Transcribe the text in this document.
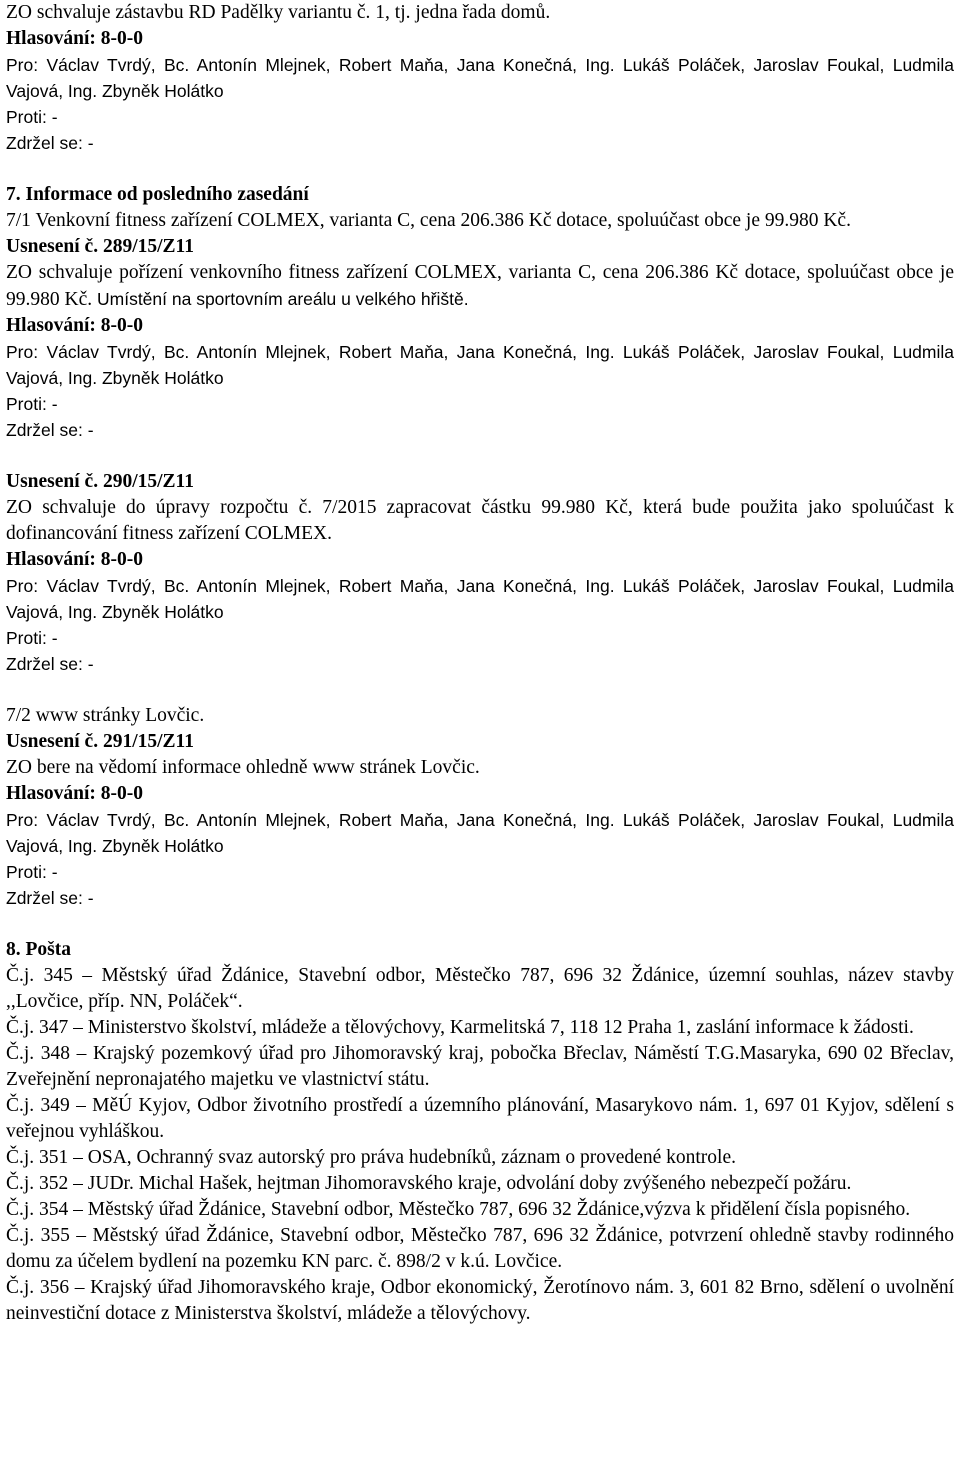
ZO schvaluje zástavbu RD Padělky variantu č. 1, tj. jedna řada domů.
Hlasování: 8-0-0
Pro: Václav Tvrdý, Bc. Antonín Mlejnek, Robert Maňa, Jana Konečná, Ing. Lukáš Poláček, Jaroslav Foukal, Ludmila Vajová, Ing. Zbyněk Holátko
Proti: -
Zdržel se: -
7. Informace od posledního zasedání
7/1 Venkovní fitness zařízení COLMEX, varianta C, cena 206.386 Kč dotace, spoluúčast obce je 99.980 Kč.
Usnesení č. 289/15/Z11
ZO schvaluje pořízení venkovního fitness zařízení COLMEX, varianta C, cena 206.386 Kč dotace, spoluúčast obce je 99.980 Kč. Umístění na sportovním areálu u velkého hřiště.
Hlasování: 8-0-0
Pro: Václav Tvrdý, Bc. Antonín Mlejnek, Robert Maňa, Jana Konečná, Ing. Lukáš Poláček, Jaroslav Foukal, Ludmila Vajová, Ing. Zbyněk Holátko
Proti: -
Zdržel se: -
Usnesení č. 290/15/Z11
ZO schvaluje do úpravy rozpočtu č. 7/2015 zapracovat částku 99.980 Kč, která bude použita jako spoluúčast k dofinancování fitness zařízení COLMEX.
Hlasování: 8-0-0
Pro: Václav Tvrdý, Bc. Antonín Mlejnek, Robert Maňa, Jana Konečná, Ing. Lukáš Poláček, Jaroslav Foukal, Ludmila Vajová, Ing. Zbyněk Holátko
Proti: -
Zdržel se: -
7/2 www stránky Lovčic.
Usnesení č. 291/15/Z11
ZO bere na vědomí informace ohledně www stránek Lovčic.
Hlasování: 8-0-0
Pro: Václav Tvrdý, Bc. Antonín Mlejnek, Robert Maňa, Jana Konečná, Ing. Lukáš Poláček, Jaroslav Foukal, Ludmila Vajová, Ing. Zbyněk Holátko
Proti: -
Zdržel se: -
8. Pošta
Č.j. 345 – Městský úřad Ždánice, Stavební odbor, Městečko 787, 696 32 Ždánice, územní souhlas, název stavby ,,Lovčice, příp. NN, Poláček“.
Č.j. 347 – Ministerstvo školství, mládeže a tělovýchovy, Karmelitská 7, 118 12 Praha 1, zaslání informace k žádosti.
Č.j. 348 – Krajský pozemkový úřad pro Jihomoravský kraj, pobočka Břeclav, Náměstí T.G.Masaryka, 690 02 Břeclav, Zveřejnění nepronajatého majetku ve vlastnictví státu.
Č.j. 349 – MěÚ Kyjov, Odbor životního prostředí a územního plánování, Masarykovo nám. 1, 697 01 Kyjov, sdělení s veřejnou vyhláškou.
Č.j. 351 – OSA, Ochranný svaz autorský pro práva hudebníků, záznam o provedené kontrole.
Č.j. 352 – JUDr. Michal Hašek, hejtman Jihomoravského kraje, odvolání doby zvýšeného nebezpečí požáru.
Č.j. 354 – Městský úřad Ždánice, Stavební odbor, Městečko 787, 696 32 Ždánice,výzva k přidělení čísla popisného.
Č.j. 355 – Městský úřad Ždánice, Stavební odbor, Městečko 787, 696 32 Ždánice, potvrzení ohledně stavby rodinného domu za účelem bydlení na pozemku KN parc. č. 898/2 v k.ú. Lovčice.
Č.j. 356 – Krajský úřad Jihomoravského kraje, Odbor ekonomický, Žerotínovo nám. 3, 601 82 Brno, sdělení o uvolnění neinvestiční dotace z Ministerstva školství, mládeže a tělovýchovy.
